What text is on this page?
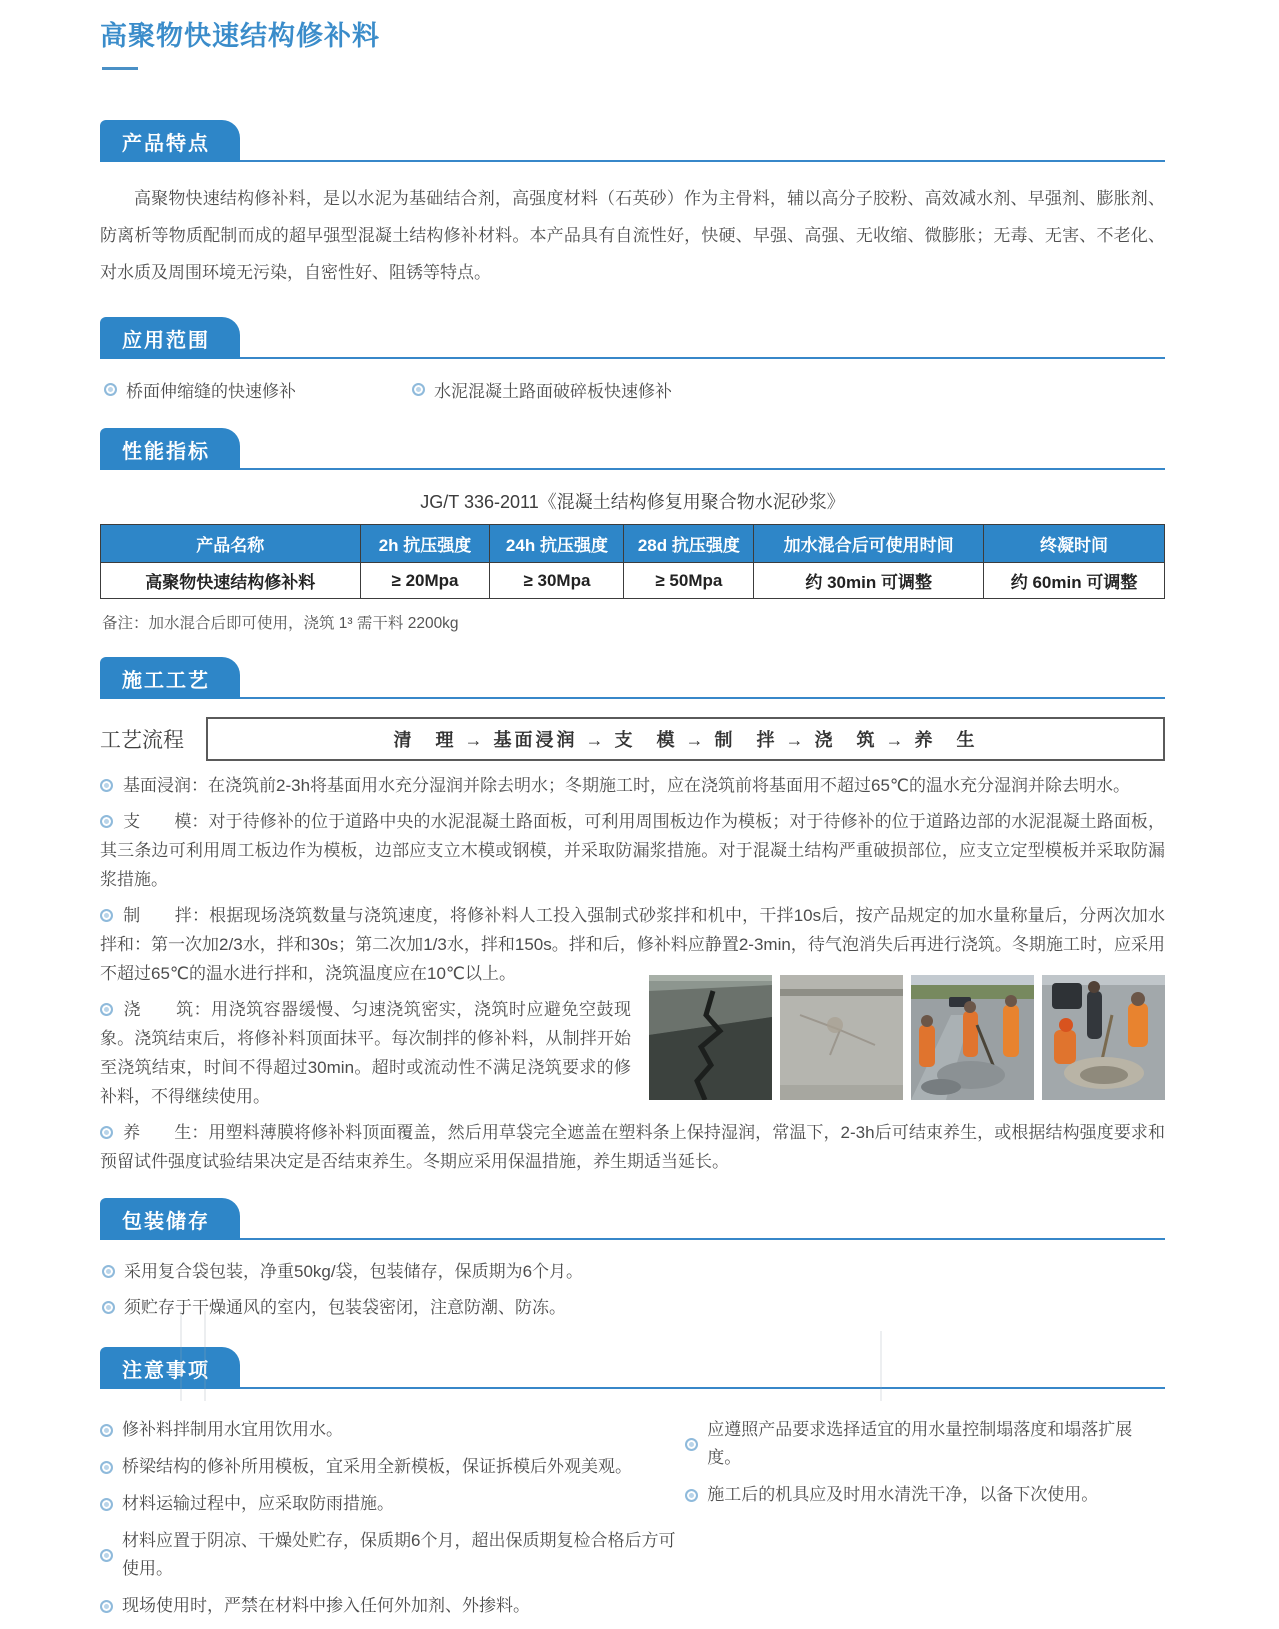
高聚物快速结构修补料
产品特点

高聚物快速结构修补料，是以水泥为基础结合剂，高强度材料（石英砂）作为主骨料，辅以高分子胶粉、高效减水剂、早强剂、膨胀剂、防离析等物质配制而成的超早强型混凝土结构修补材料。本产品具有自流性好，快硬、早强、高强、无收缩、微膨胀；无毒、无害、不老化、对水质及周围环境无污染，自密性好、阻锈等特点。

应用范围
桥面伸缩缝的快速修补	水泥混凝土路面破碎板快速修补
性能指标
JG/T 336-2011《混凝土结构修复用聚合物水泥砂浆》
产品名称	2h 抗压强度	24h 抗压强度	28d 抗压强度	加水混合后可使用时间	终凝时间
高聚物快速结构修补料	≥ 20Mpa	≥ 30Mpa	≥ 50Mpa	约 30min 可调整	约 60min 可调整
备注：加水混合后即可使用，浇筑 1³ 需干料 2200kg
施工工艺
工艺流程	清　理 → 基面浸润 → 支　模 → 制　拌 → 浇　筑 → 养　生

基面浸润：在浇筑前2-3h将基面用水充分湿润并除去明水；冬期施工时，应在浇筑前将基面用不超过65℃的温水充分湿润并除去明水。

支　　模：对于待修补的位于道路中央的水泥混凝土路面板，可利用周围板边作为模板；对于待修补的位于道路边部的水泥混凝土路面板，其三条边可利用周工板边作为模板，边部应支立木模或钢模，并采取防漏浆措施。对于混凝土结构严重破损部位，应支立定型模板并采取防漏浆措施。

制　　拌：根据现场浇筑数量与浇筑速度，将修补料人工投入强制式砂浆拌和机中，干拌10s后，按产品规定的加水量称量后，分两次加水拌和：第一次加2/3水，拌和30s；第二次加1/3水，拌和150s。拌和后，修补料应静置2-3min，待气泡消失后再进行浇筑。冬期施工时，应采用不超过65℃的温水进行拌和，浇筑温度应在10℃以上。

浇　　筑：用浇筑容器缓慢、匀速浇筑密实，浇筑时应避免空鼓现象。浇筑结束后，将修补料顶面抹平。每次制拌的修补料，从制拌开始至浇筑结束，时间不得超过30min。超时或流动性不满足浇筑要求的修补料，不得继续使用。

养　　生：用塑料薄膜将修补料顶面覆盖，然后用草袋完全遮盖在塑料条上保持湿润，常温下，2-3h后可结束养生，或根据结构强度要求和预留试件强度试验结果决定是否结束养生。冬期应采用保温措施，养生期适当延长。

包装储存
采用复合袋包装，净重50kg/袋，包装储存，保质期为6个月。
须贮存于干燥通风的室内，包装袋密闭，注意防潮、防冻。
注意事项
修补料拌制用水宜用饮用水。
桥梁结构的修补所用模板，宜采用全新模板，保证拆模后外观美观。
材料运输过程中，应采取防雨措施。
材料应置于阴凉、干燥处贮存，保质期6个月，超出保质期复检合格后方可使用。
现场使用时，严禁在材料中掺入任何外加剂、外掺料。
应遵照产品要求选择适宜的用水量控制塌落度和塌落扩展度。
施工后的机具应及时用水清洗干净，以备下次使用。
